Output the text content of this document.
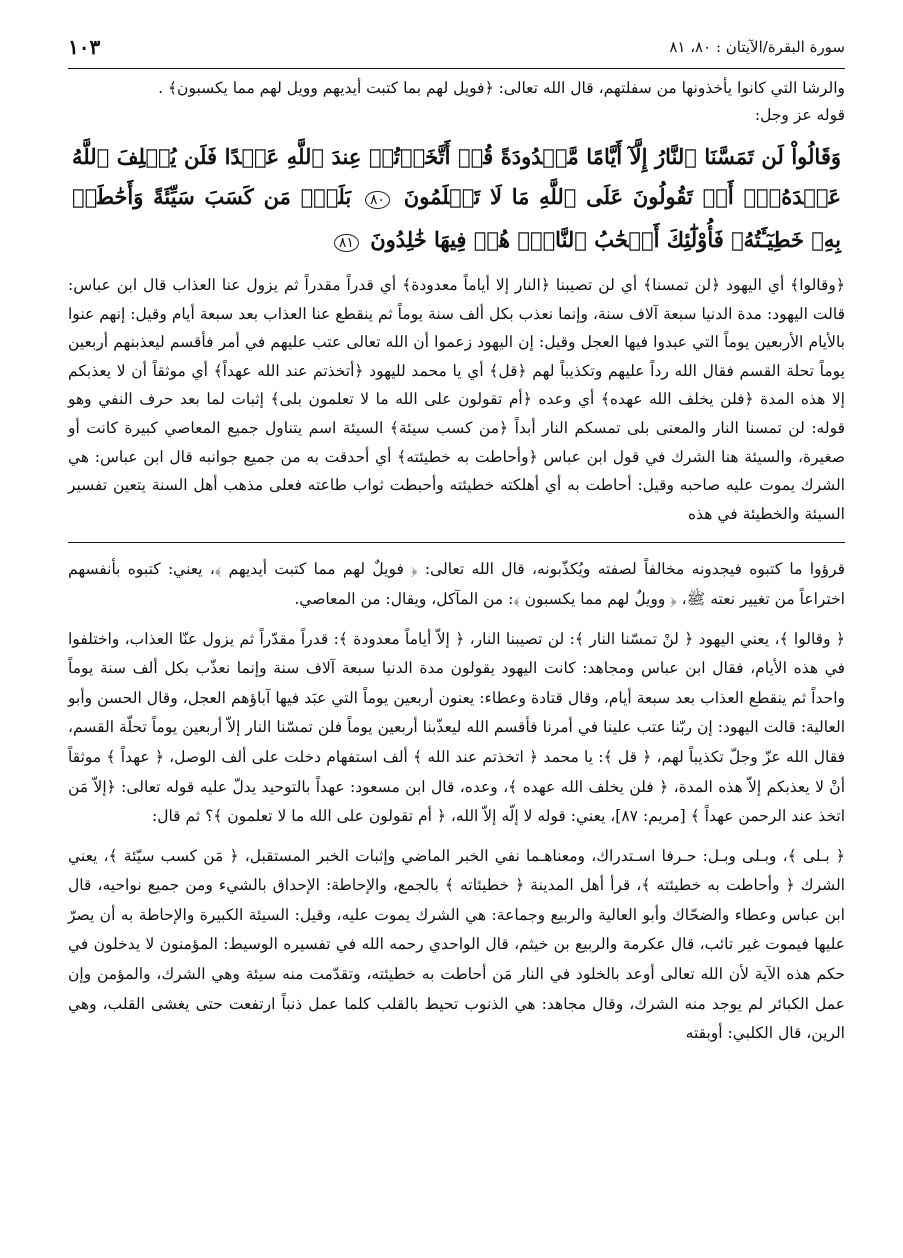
سورة البقرة/الآيتان : ٨٠، ٨١
١٠٣

والرشا التي كانوا يأخذونها من سفلتهم، قال الله تعالى: ﴿فويل لهم بما كتبت أيديهم وويل لهم مما يكسبون﴾ .

قوله عز وجل:

وَقَالُواْ لَن تَمَسَّنَا ٱلنَّارُ إِلَّآ أَيَّامًا مَّعۡدُودَةً قُلۡ أَتَّخَذۡتُمۡ عِندَ ٱللَّهِ عَهۡدًا فَلَن يُخۡلِفَ ٱللَّهُ عَهۡدَهُۥٓۖ أَمۡ تَقُولُونَ عَلَى ٱللَّهِ مَا لَا تَعۡلَمُونَ ٨٠ بَلَىٰۚ مَن كَسَبَ سَيِّئَةً وَأَحَٰطَتۡ بِهِۦ خَطِيٓـَٔتُهُۥ فَأُوْلَٰٓئِكَ أَصۡحَٰبُ ٱلنَّارِۖ هُمۡ فِيهَا خَٰلِدُونَ ٨١

﴿وقالوا﴾ أي اليهود ﴿لن تمسنا﴾ أي لن تصيبنا ﴿النار إلا أياماً معدودة﴾ أي قدراً مقدراً ثم يزول عنا العذاب قال ابن عباس: قالت اليهود: مدة الدنيا سبعة آلاف سنة، وإنما نعذب بكل ألف سنة يوماً ثم ينقطع عنا العذاب بعد سبعة أيام وقيل: إنهم عنوا بالأيام الأربعين يوماً التي عبدوا فيها العجل وقيل: إن اليهود زعموا أن الله تعالى عتب عليهم في أمر فأقسم ليعذبنهم أربعين يوماً تحلة القسم فقال الله رداً عليهم وتكذيباً لهم ﴿قل﴾ أي يا محمد لليهود ﴿أتخذتم عند الله عهداً﴾ أي موثقاً أن لا يعذبكم إلا هذه المدة ﴿فلن يخلف الله عهده﴾ أي وعده ﴿أم تقولون على الله ما لا تعلمون بلى﴾ إثبات لما بعد حرف النفي وهو قوله: لن تمسنا النار والمعنى بلى تمسكم النار أبداً ﴿من كسب سيئة﴾ السيئة اسم يتناول جميع المعاصي كبيرة كانت أو صغيرة، والسيئة هنا الشرك في قول ابن عباس ﴿وأحاطت به خطيئته﴾ أي أحدقت به من جميع جوانبه قال ابن عباس: هي الشرك يموت عليه صاحبه وقيل: أحاطت به أي أهلكته خطيئته وأحبطت ثواب طاعته فعلى مذهب أهل السنة يتعين تفسير السيئة والخطيئة في هذه

قرؤوا ما كتبوه فيجدونه مخالفاً لصفته ويُكذّبونه، قال الله تعالى: ﴿ فويلٌ لهم مما كتبت أيديهم ﴾، يعني: كتبوه بأنفسهم اختراعاً من تغيير نعته ﷺ، ﴿ وويلٌ لهم مما يكسبون ﴾: من المآكل، ويقال: من المعاصي.

﴿ وقالوا ﴾، يعني اليهود ﴿ لنْ تمسّنا النار ﴾: لن تصيبنا النار، ﴿ إلاّ أياماً معدودة ﴾: قدراً مقدّراً ثم يزول عنّا العذاب، واختلفوا في هذه الأيام، فقال ابن عباس ومجاهد: كانت اليهود يقولون مدة الدنيا سبعة آلاف سنة وإنما نعذّب بكل ألف سنة يوماً واحداً ثم ينقطع العذاب بعد سبعة أيام، وقال قتادة وعطاء: يعنون أربعين يوماً التي عبَد فيها آباؤهم العجل، وقال الحسن وأبو العالية: قالت اليهود: إن ربّنا عتب علينا في أمرنا فأقسم الله ليعذّبنا أربعين يوماً فلن تمسّنا النار إلاّ أربعين يوماً تحلّة القسم، فقال الله عزّ وجلّ تكذيباً لهم، ﴿ قل ﴾: يا محمد ﴿ اتخذتم عند الله ﴾ ألف استفهام دخلت على ألف الوصل، ﴿ عهداً ﴾ موثقاً أنْ لا يعذبكم إلاّ هذه المدة، ﴿ فلن يخلف الله عهده ﴾، وعده، قال ابن مسعود: عهداً بالتوحيد يدلّ عليه قوله تعالى: ﴿إلاّ مَن اتخذ عند الرحمن عهداً ﴾ [مريم: ٨٧]، يعني: قوله لا إلّه إلاّ الله، ﴿ أم تقولون على الله ما لا تعلمون ﴾؟ ثم قال:

﴿ بـلى ﴾، وبـلى وبـل: حـرفا اسـتدراك، ومعناهـما نفي الخبر الماضي وإثبات الخبر المستقبل، ﴿ مَن كسب سيّئة ﴾، يعني الشرك ﴿ وأحاطت به خطيئته ﴾، قرأ أهل المدينة ﴿ خطيئاته ﴾ بالجمع، والإحاطة: الإحداق بالشيء ومن جميع نواحيه، قال ابن عباس وعطاء والضحّاك وأبو العالية والربيع وجماعة: هي الشرك يموت عليه، وقيل: السيئة الكبيرة والإحاطة به أن يصرّ عليها فيموت غير تائب، قال عكرمة والربيع بن خيثم، قال الواحدي رحمه الله في تفسيره الوسيط: المؤمنون لا يدخلون في حكم هذه الآية لأن الله تعالى أوعد بالخلود في النار مَن أحاطت به خطيئته، وتقدّمت منه سيئة وهي الشرك، والمؤمن وإن عمل الكبائر لم يوجد منه الشرك، وقال مجاهد: هي الذنوب تحيط بالقلب كلما عمل ذنباً ارتفعت حتى يغشى القلب، وهي الرين، قال الكلبي: أوبقته
